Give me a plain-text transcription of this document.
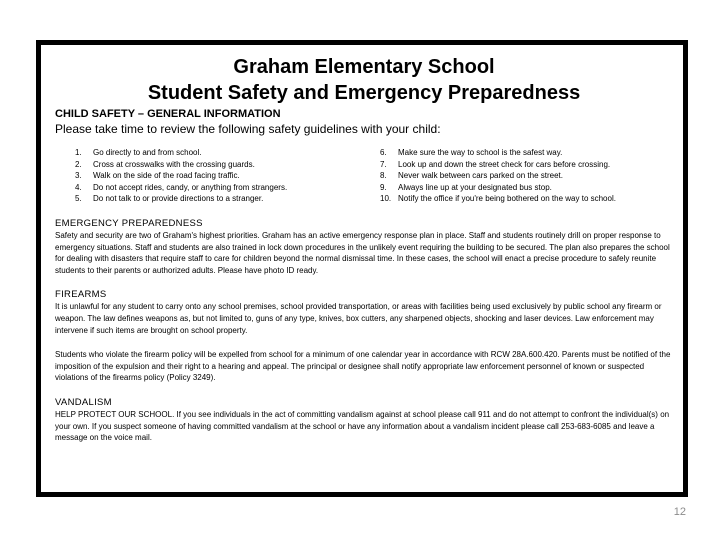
Graham Elementary School
Student Safety and Emergency Preparedness
CHILD SAFETY – GENERAL INFORMATION
Please take time to review the following safety guidelines with your child:
1.	Go directly to and from school.
2.	Cross at crosswalks with the crossing guards.
3.	Walk on the side of the road facing traffic.
4.	Do not accept rides, candy, or anything from strangers.
5.	Do not talk to or provide directions to a stranger.
6.	Make sure the way to school is the safest way.
7.	Look up and down the street check for cars before crossing.
8.	Never walk between cars parked on the street.
9.	Always line up at your designated bus stop.
10. Notify the office if you're being bothered on the way to school.
EMERGENCY PREPAREDNESS

Safety and security are two of Graham's highest priorities. Graham has an active emergency response plan in place. Staff and students routinely drill on proper response to emergency situations. Staff and students are also trained in lock down procedures in the unlikely event requiring the building to be secured. The plan also prepares the school for dealing with disasters that require staff to care for children beyond the normal dismissal time. In these cases, the school will enact a precise procedure to safely reunite students to their parents or authorized adults. Please have photo ID ready.

FIREARMS

It is unlawful for any student to carry onto any school premises, school provided transportation, or areas with facilities being used exclusively by public school any firearm or weapon. The law defines weapons as, but not limited to, guns of any type, knives, box cutters, any sharpened objects, shocking and laser devices. Law enforcement may intervene if such items are brought on school property.

Students who violate the firearm policy will be expelled from school for a minimum of one calendar year in accordance with RCW 28A.600.420. Parents must be notified of the imposition of the expulsion and their right to a hearing and appeal. The principal or designee shall notify appropriate law enforcement personnel of known or suspected violations of the firearms policy (Policy 3249).

VANDALISM

HELP PROTECT OUR SCHOOL. If you see individuals in the act of committing vandalism against at school please call 911 and do not attempt to confront the individual(s) on your own. If you suspect someone of having committed vandalism at the school or have any information about a vandalism incident please call 253-683-6085 and leave a message on the voice mail.

12
